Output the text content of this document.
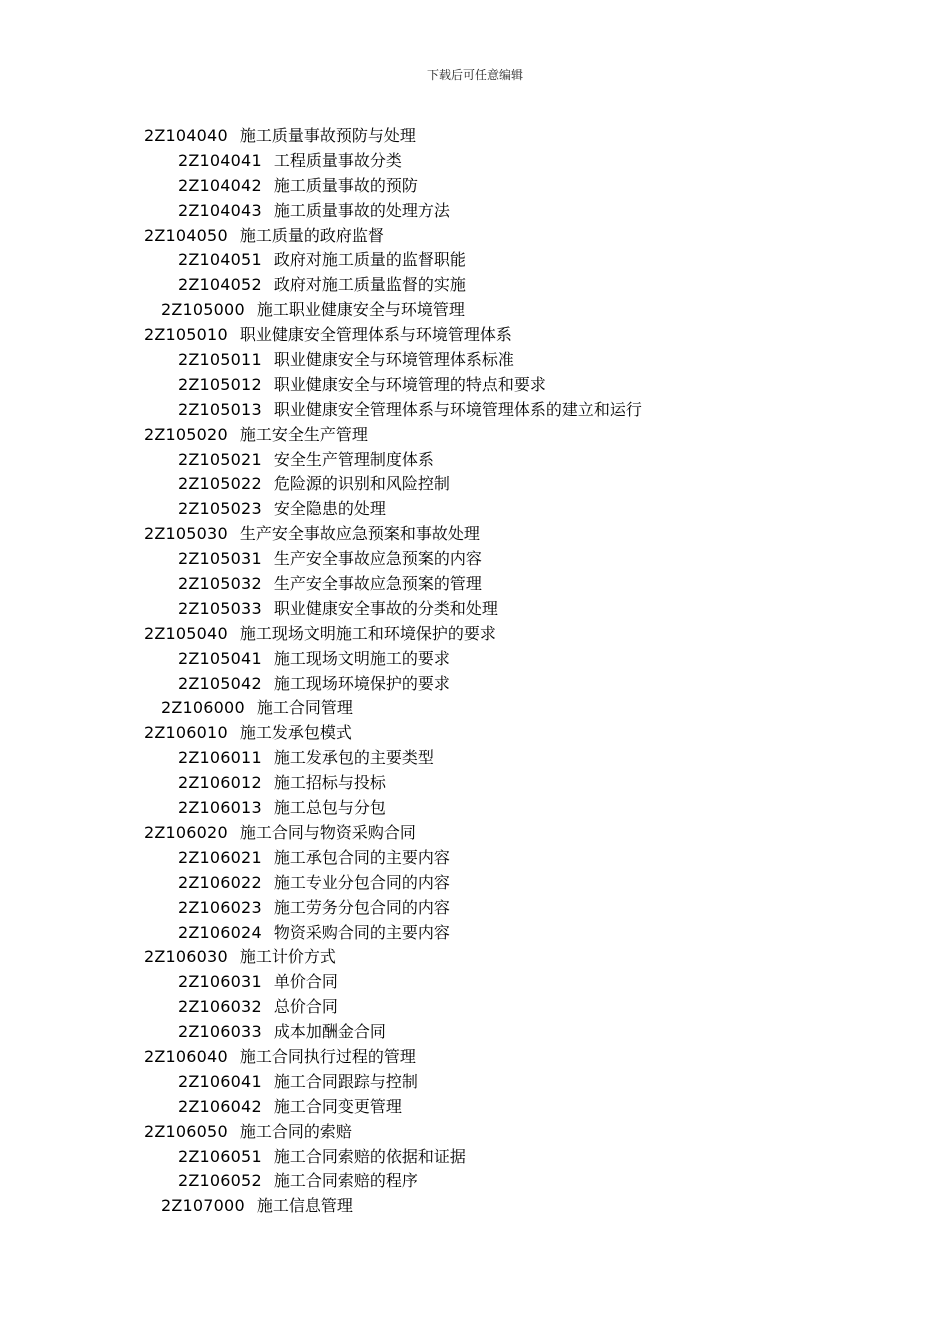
下载后可任意编辑
2Z104040 施工质量事故预防与处理
2Z104041 工程质量事故分类
2Z104042 施工质量事故的预防
2Z104043 施工质量事故的处理方法
2Z104050 施工质量的政府监督
2Z104051 政府对施工质量的监督职能
2Z104052 政府对施工质量监督的实施
2Z105000 施工职业健康安全与环境管理
2Z105010 职业健康安全管理体系与环境管理体系
2Z105011 职业健康安全与环境管理体系标准
2Z105012 职业健康安全与环境管理的特点和要求
2Z105013 职业健康安全管理体系与环境管理体系的建立和运行
2Z105020 施工安全生产管理
2Z105021 安全生产管理制度体系
2Z105022 危险源的识别和风险控制
2Z105023 安全隐患的处理
2Z105030 生产安全事故应急预案和事故处理
2Z105031 生产安全事故应急预案的内容
2Z105032 生产安全事故应急预案的管理
2Z105033 职业健康安全事故的分类和处理
2Z105040 施工现场文明施工和环境保护的要求
2Z105041 施工现场文明施工的要求
2Z105042 施工现场环境保护的要求
2Z106000 施工合同管理
2Z106010 施工发承包模式
2Z106011 施工发承包的主要类型
2Z106012 施工招标与投标
2Z106013 施工总包与分包
2Z106020 施工合同与物资采购合同
2Z106021 施工承包合同的主要内容
2Z106022 施工专业分包合同的内容
2Z106023 施工劳务分包合同的内容
2Z106024 物资采购合同的主要内容
2Z106030 施工计价方式
2Z106031 单价合同
2Z106032 总价合同
2Z106033 成本加酬金合同
2Z106040 施工合同执行过程的管理
2Z106041 施工合同跟踪与控制
2Z106042 施工合同变更管理
2Z106050 施工合同的索赔
2Z106051 施工合同索赔的依据和证据
2Z106052 施工合同索赔的程序
2Z107000 施工信息管理
